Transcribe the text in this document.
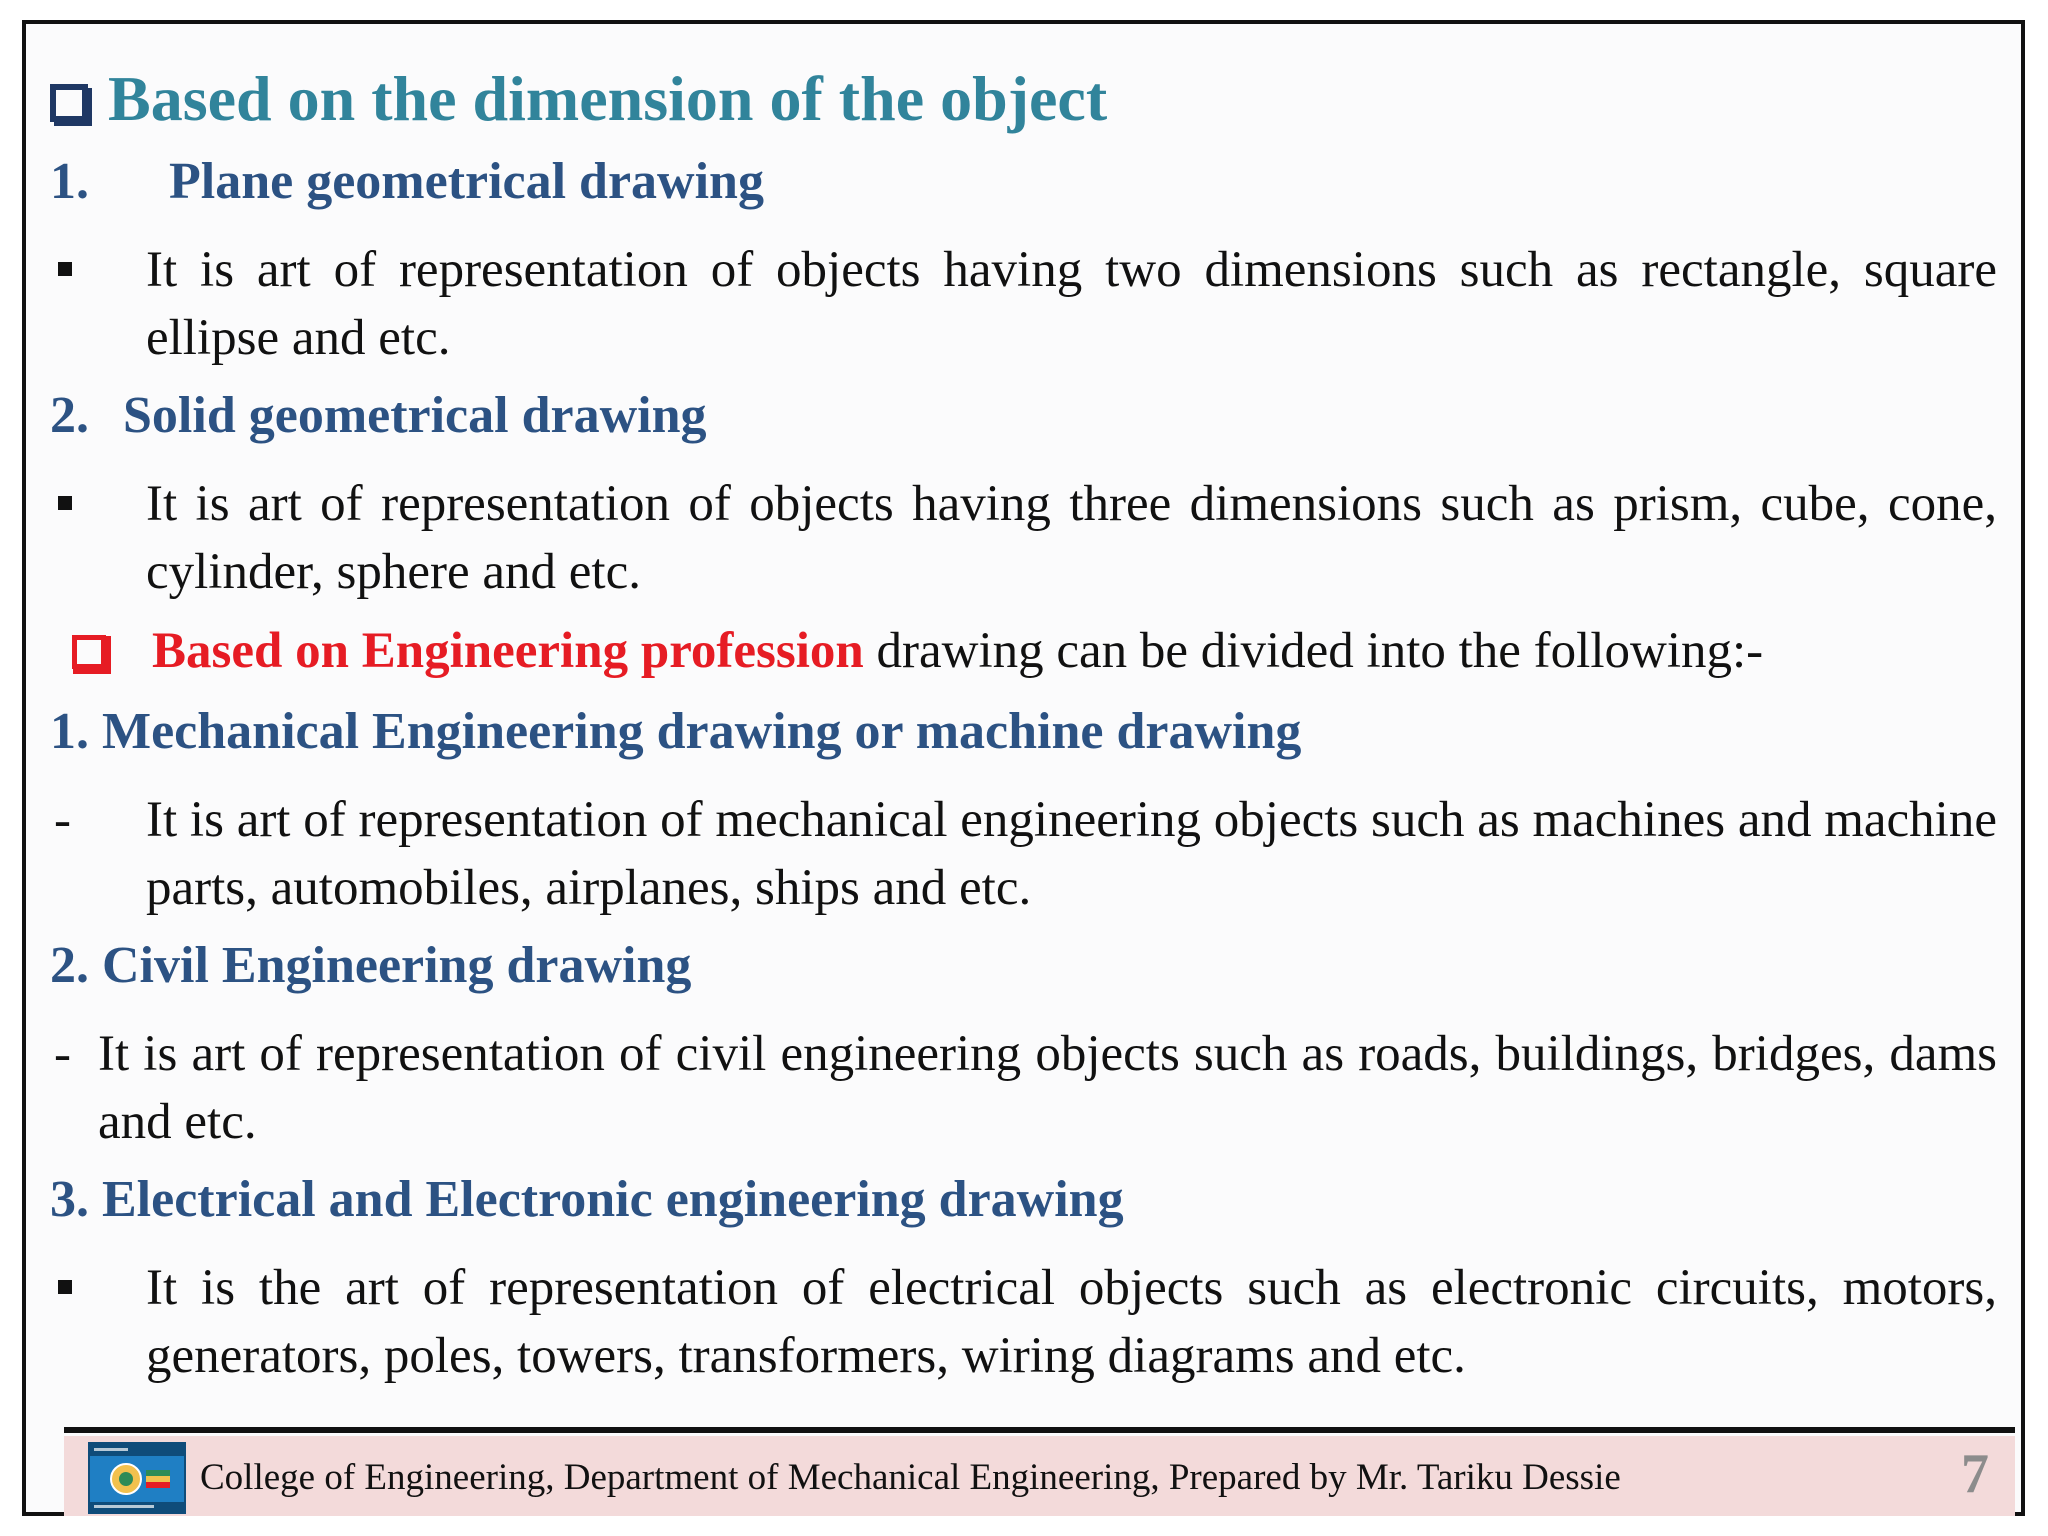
Based on the dimension of the object
1. Plane geometrical drawing
It is art of representation of objects having two dimensions such as rectangle, square ellipse and etc.
2. Solid geometrical drawing
It is art of representation of objects having three dimensions such as prism, cube, cone, cylinder, sphere and etc.
Based on Engineering profession drawing can be divided into the following:-
1. Mechanical Engineering drawing or machine drawing
- It is art of representation of mechanical engineering objects such as machines and machine parts, automobiles, airplanes, ships and etc.
2. Civil Engineering drawing
- It is art of representation of civil engineering objects such as roads, buildings, bridges, dams and etc.
3. Electrical and Electronic engineering drawing
It is the art of representation of electrical objects such as electronic circuits, motors, generators, poles, towers, transformers, wiring diagrams and etc.
College of Engineering, Department of Mechanical Engineering, Prepared by Mr. Tariku Dessie	7
